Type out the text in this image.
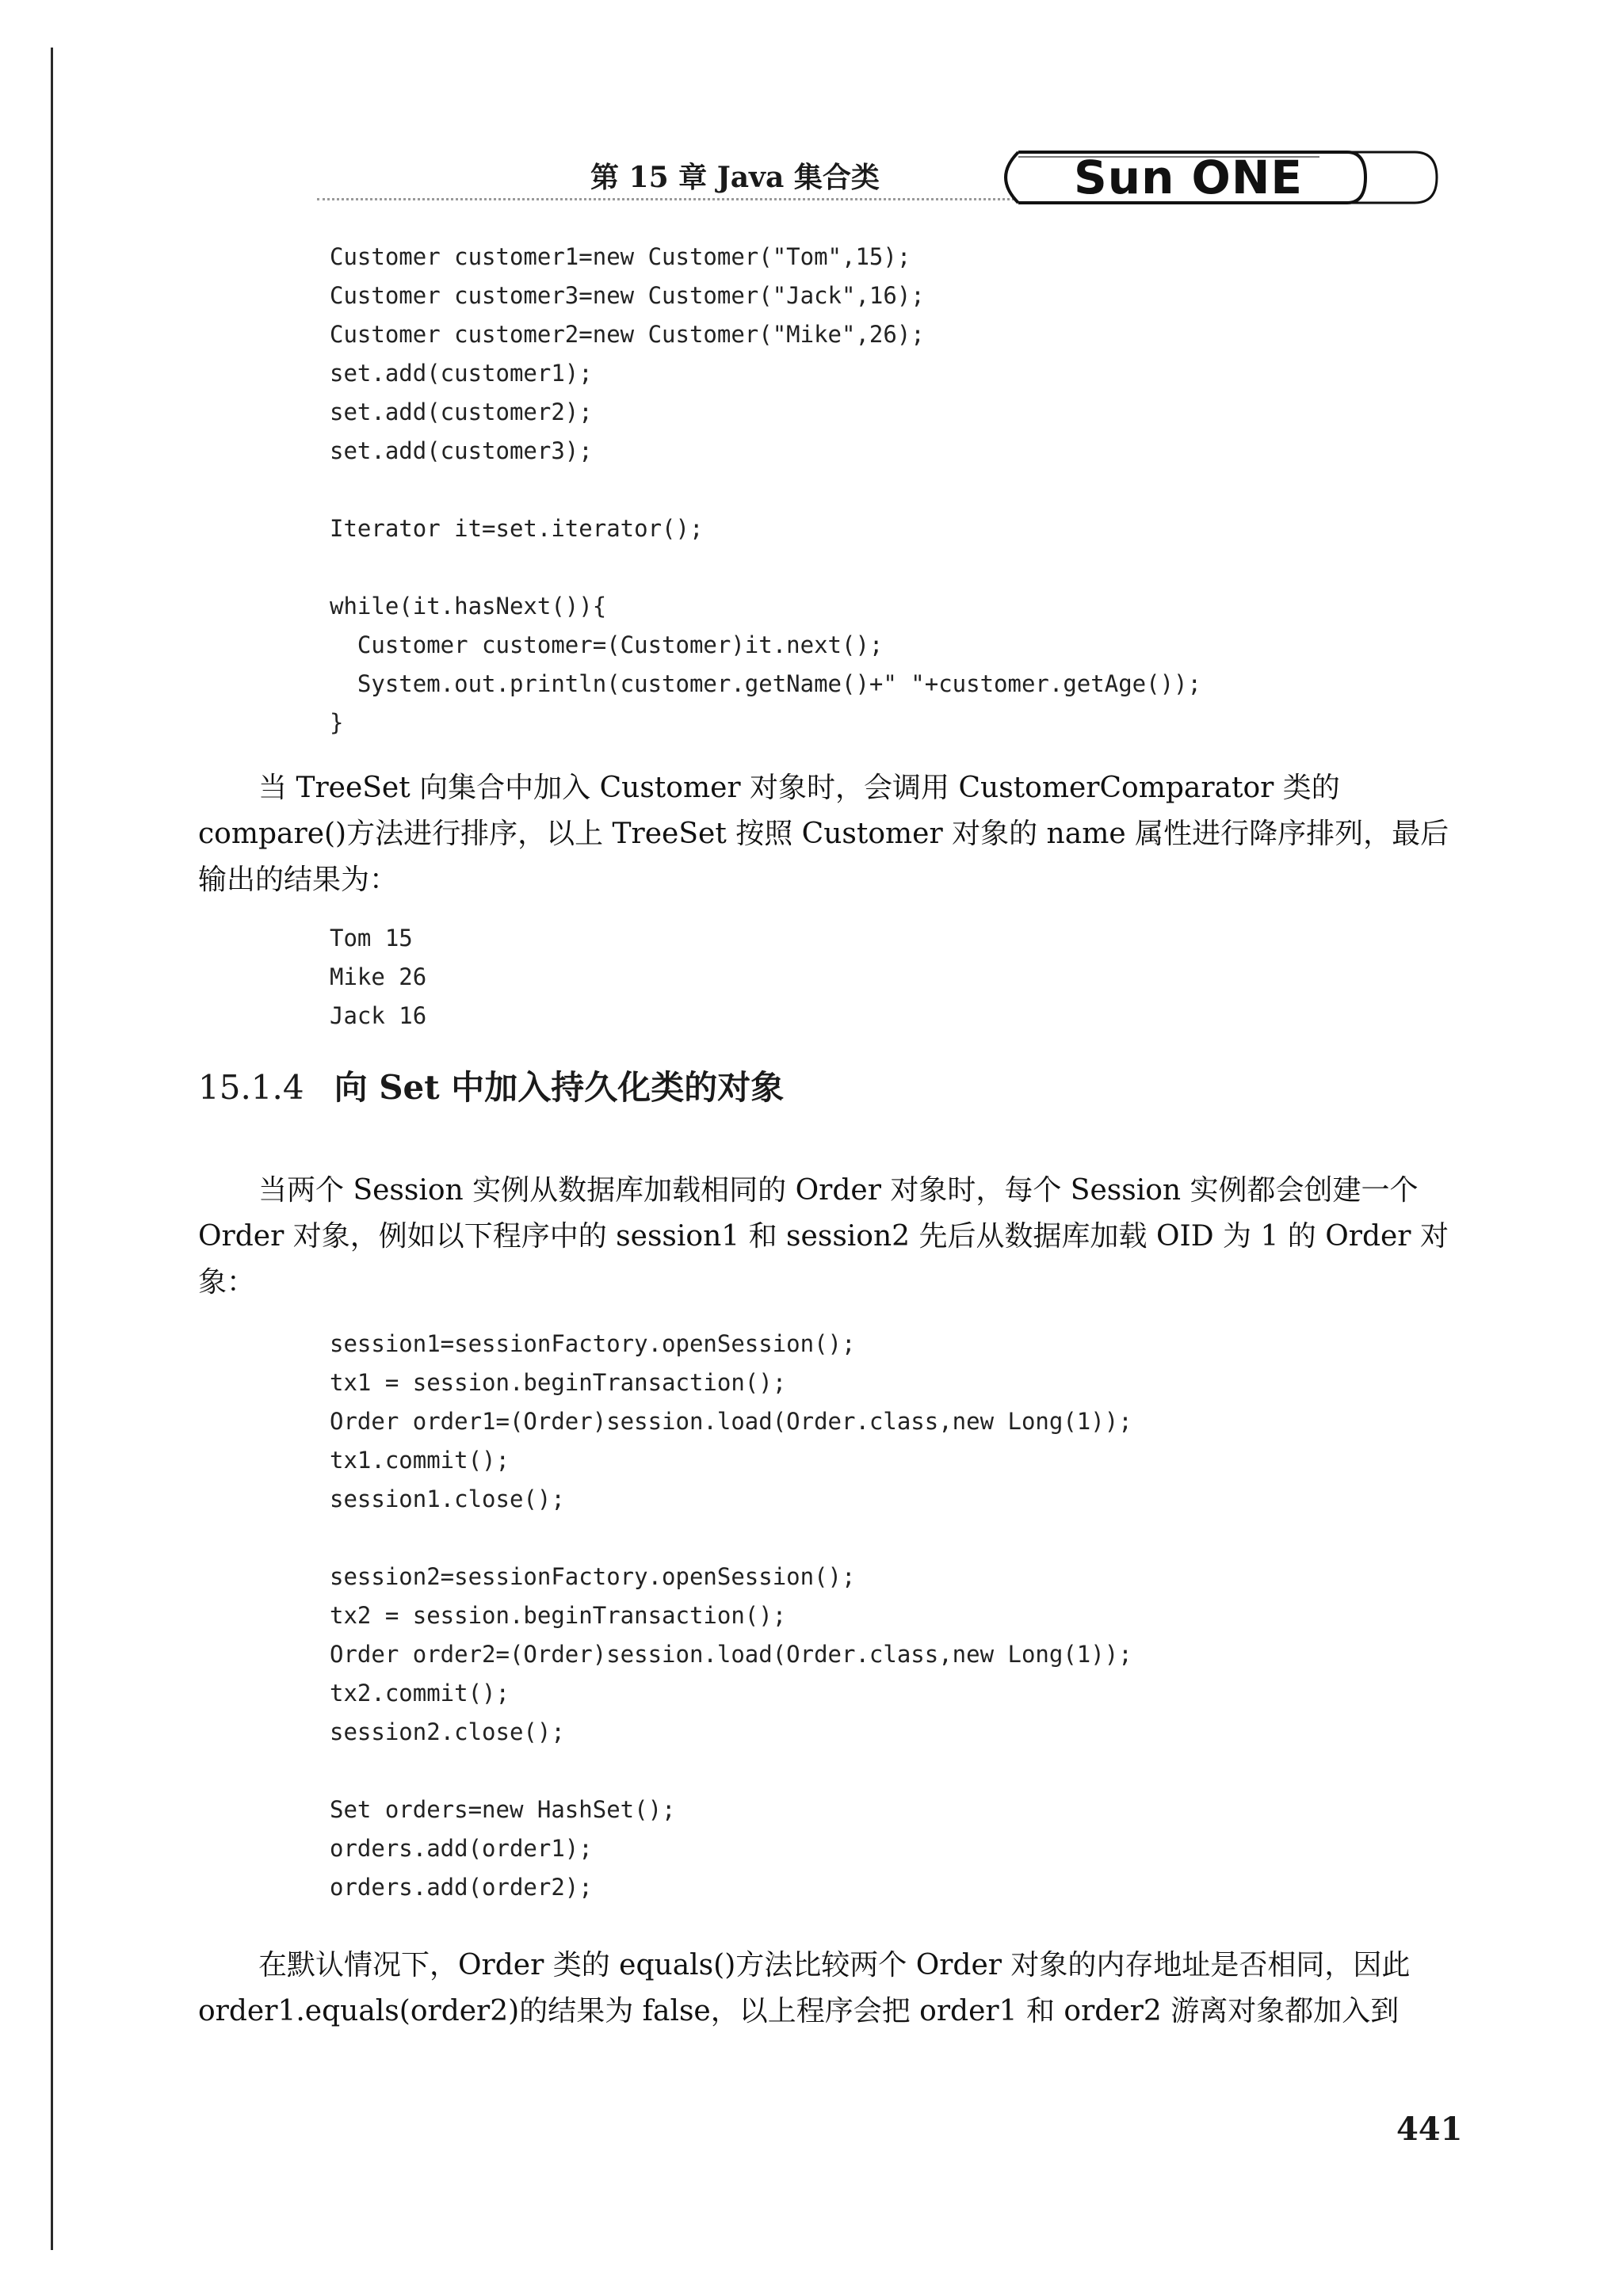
第 15 章 Java 集合类	Sun ONE
Customer customer1=new Customer("Tom",15);
Customer customer3=new Customer("Jack",16);
Customer customer2=new Customer("Mike",26);
set.add(customer1);
set.add(customer2);
set.add(customer3);

Iterator it=set.iterator();

while(it.hasNext()){
Customer customer=(Customer)it.next();
System.out.println(customer.getName()+" "+customer.getAge());
}

当 TreeSet 向集合中加入 Customer 对象时，会调用 CustomerComparator 类的 compare()方法进行排序，以上 TreeSet 按照 Customer 对象的 name 属性进行降序排列，最后输出的结果为：

Tom 15
Mike 26
Jack 16
15.1.4 向 Set 中加入持久化类的对象

当两个 Session 实例从数据库加载相同的 Order 对象时，每个 Session 实例都会创建一个 Order 对象，例如以下程序中的 session1 和 session2 先后从数据库加载 OID 为 1 的 Order 对象：

session1=sessionFactory.openSession();
tx1 = session.beginTransaction();
Order order1=(Order)session.load(Order.class,new Long(1));
tx1.commit();
session1.close();

session2=sessionFactory.openSession();
tx2 = session.beginTransaction();
Order order2=(Order)session.load(Order.class,new Long(1));
tx2.commit();
session2.close();

Set orders=new HashSet();
orders.add(order1);
orders.add(order2);

在默认情况下，Order 类的 equals()方法比较两个 Order 对象的内存地址是否相同，因此 order1.equals(order2)的结果为 false，以上程序会把 order1 和 order2 游离对象都加入到

441
